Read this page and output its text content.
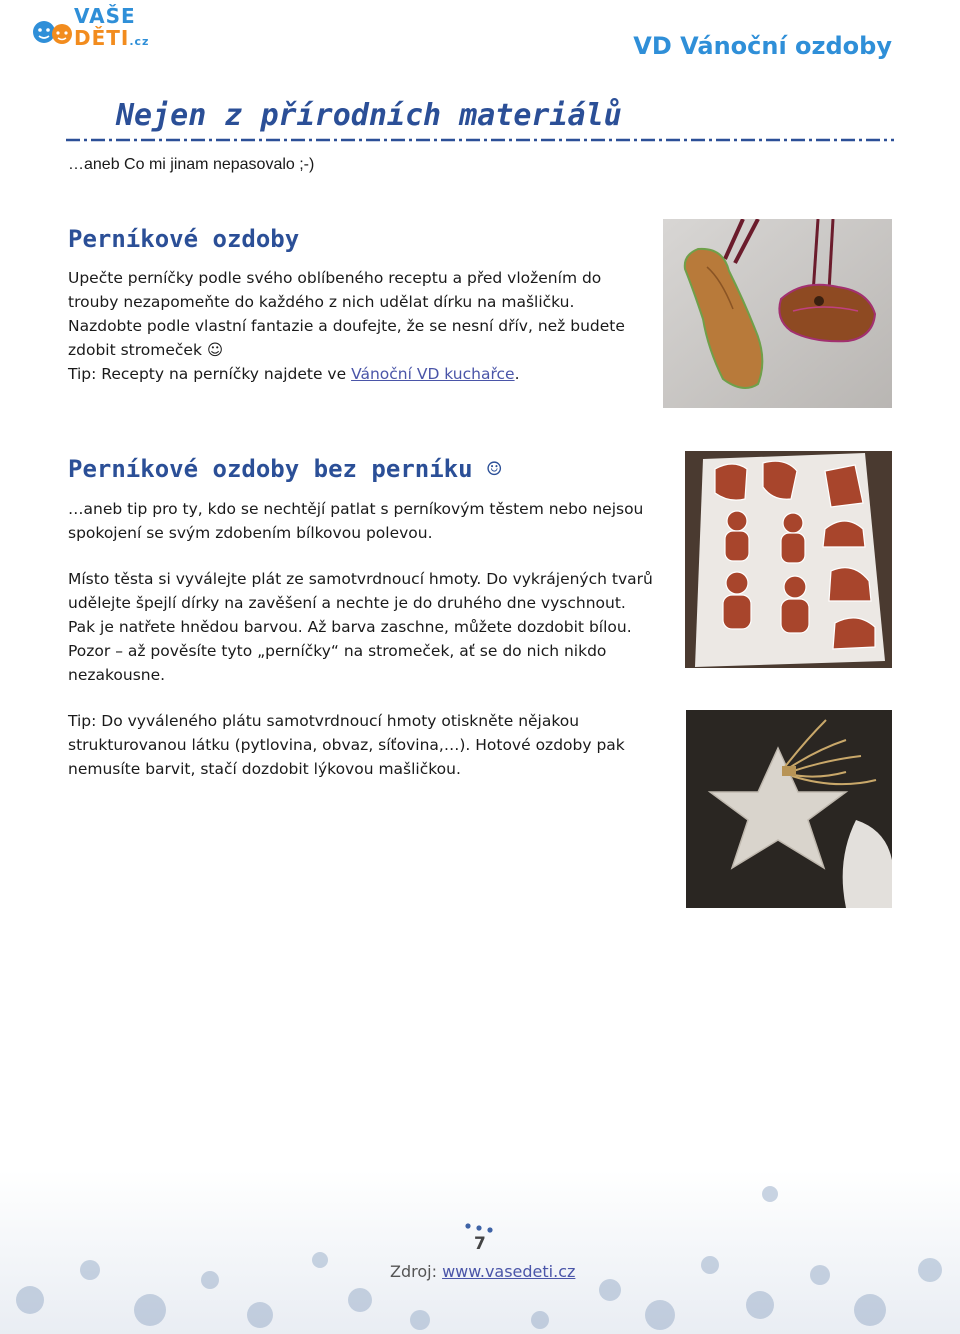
VAŠE
DĚTI.cz	VD Vánoční ozdoby
Nejen z přírodních materiálů
…aneb Co mi jinam nepasovalo ;-)
Perníkové ozdoby

Upečte perníčky podle svého oblíbeného receptu a před vložením do
trouby nezapomeňte do každého z nich udělat dírku na mašličku.
Nazdobte podle vlastní fantazie a doufejte, že se nesní dřív, než budete
zdobit stromeček ☺
Tip: Recepty na perníčky najdete ve Vánoční VD kuchařce.

Perníkové ozdoby bez perníku ☺

…aneb tip pro ty, kdo se nechtějí patlat s perníkovým těstem nebo nejsou
spokojení se svým zdobením bílkovou polevou.

Místo těsta si vyválejte plát ze samotvrdnoucí hmoty. Do vykrájených tvarů
udělejte špejlí dírky na zavěšení a nechte je do druhého dne vyschnout.
Pak je natřete hnědou barvou. Až barva zaschne, můžete dozdobit bílou.
Pozor – až pověsíte tyto „perníčky“ na stromeček, ať se do nich nikdo
nezakousne.

Tip: Do vyváleného plátu samotvrdnoucí hmoty otiskněte nějakou
strukturovanou látku (pytlovina, obvaz, síťovina,…). Hotové ozdoby pak
nemusíte barvit, stačí dozdobit lýkovou mašličkou.

7
Zdroj: www.vasedeti.cz
